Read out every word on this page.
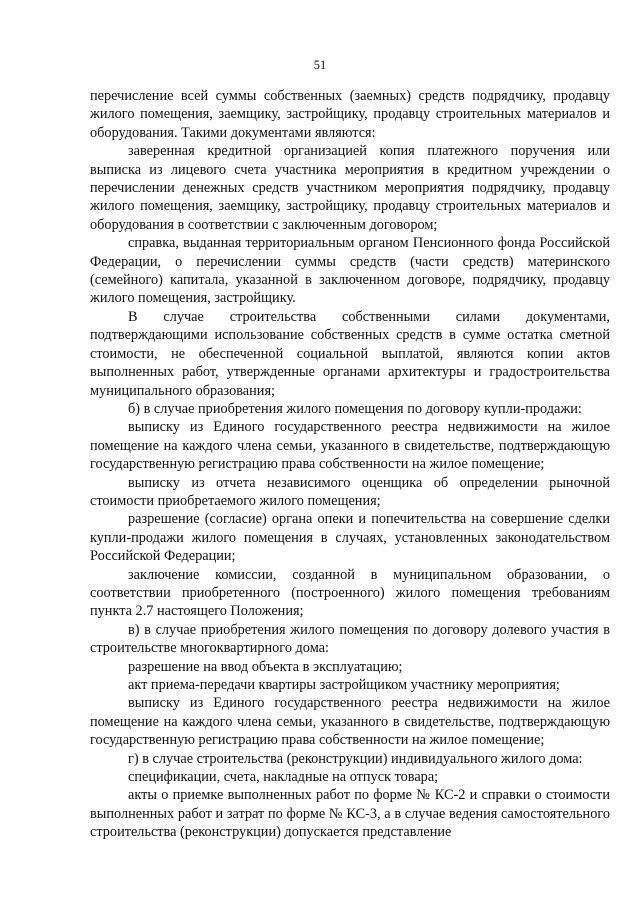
51

перечисление всей суммы собственных (заемных) средств подрядчику, продавцу жилого помещения, заемщику, застройщику, продавцу строительных материалов и оборудования. Такими документами являются:

заверенная кредитной организацией копия платежного поручения или выписка из лицевого счета участника мероприятия в кредитном учреждении о перечислении денежных средств участником мероприятия подрядчику, продавцу жилого помещения, заемщику, застройщику, продавцу строительных материалов и оборудования в соответствии с заключенным договором;

справка, выданная территориальным органом Пенсионного фонда Российской Федерации, о перечислении суммы средств (части средств) материнского (семейного) капитала, указанной в заключенном договоре, подрядчику, продавцу жилого помещения, застройщику.

В случае строительства собственными силами документами, подтверждающими использование собственных средств в сумме остатка сметной стоимости, не обеспеченной социальной выплатой, являются копии актов выполненных работ, утвержденные органами архитектуры и градостроительства муниципального образования;

б) в случае приобретения жилого помещения по договору купли-продажи:

выписку из Единого государственного реестра недвижимости на жилое помещение на каждого члена семьи, указанного в свидетельстве, подтверждающую государственную регистрацию права собственности на жилое помещение;

выписку из отчета независимого оценщика об определении рыночной стоимости приобретаемого жилого помещения;

разрешение (согласие) органа опеки и попечительства на совершение сделки купли-продажи жилого помещения в случаях, установленных законодательством Российской Федерации;

заключение комиссии, созданной в муниципальном образовании, о соответствии приобретенного (построенного) жилого помещения требованиям пункта 2.7 настоящего Положения;

в) в случае приобретения жилого помещения по договору долевого участия в строительстве многоквартирного дома:

разрешение на ввод объекта в эксплуатацию;

акт приема-передачи квартиры застройщиком участнику мероприятия;

выписку из Единого государственного реестра недвижимости на жилое помещение на каждого члена семьи, указанного в свидетельстве, подтверждающую государственную регистрацию права собственности на жилое помещение;

г) в случае строительства (реконструкции) индивидуального жилого дома:

спецификации, счета, накладные на отпуск товара;

акты о приемке выполненных работ по форме № КС-2 и справки о стоимости выполненных работ и затрат по форме № КС-3, а в случае ведения самостоятельного строительства (реконструкции) допускается представление
